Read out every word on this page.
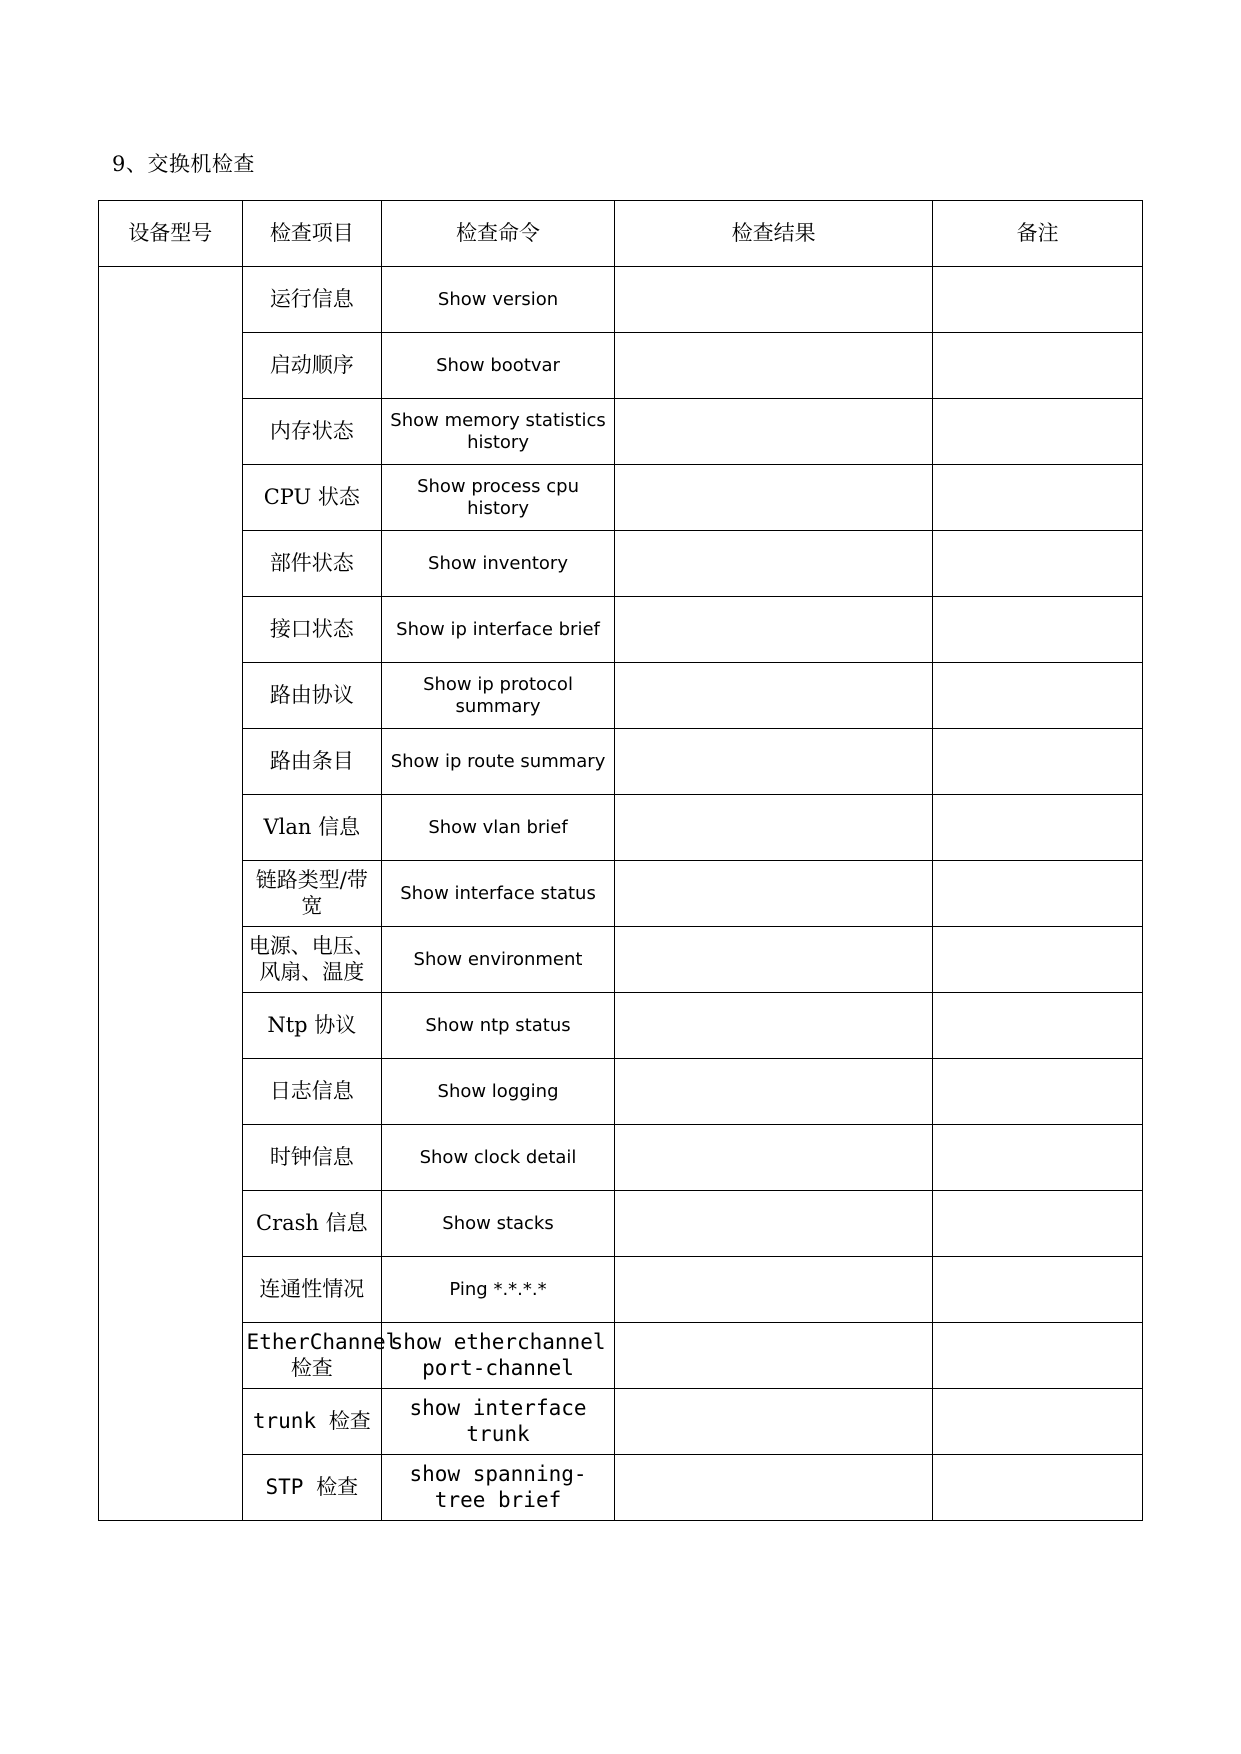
9、交换机检查
设备型号	检查项目	检查命令	检查结果	备注

	运行信息	Show version		

	启动顺序	Show bootvar		

	内存状态	Show memory statistics history		

	CPU 状态	Show process cpu history		

	部件状态	Show inventory		

	接口状态	Show ip interface brief		

	路由协议	Show ip protocol summary		

	路由条目	Show ip route summary		

	Vlan 信息	Show vlan brief		

	链路类型/带宽	Show interface status		

	电源、电压、风扇、温度	Show environment		

	Ntp 协议	Show ntp status		

	日志信息	Show logging		

	时钟信息	Show clock detail		

	Crash 信息	Show stacks		

	连通性情况	Ping *.*.*.*		

	EtherChannel 检查	show etherchannel port-channel		

	trunk 检查	show interface trunk		

	STP 检查	show spanning-tree brief		
